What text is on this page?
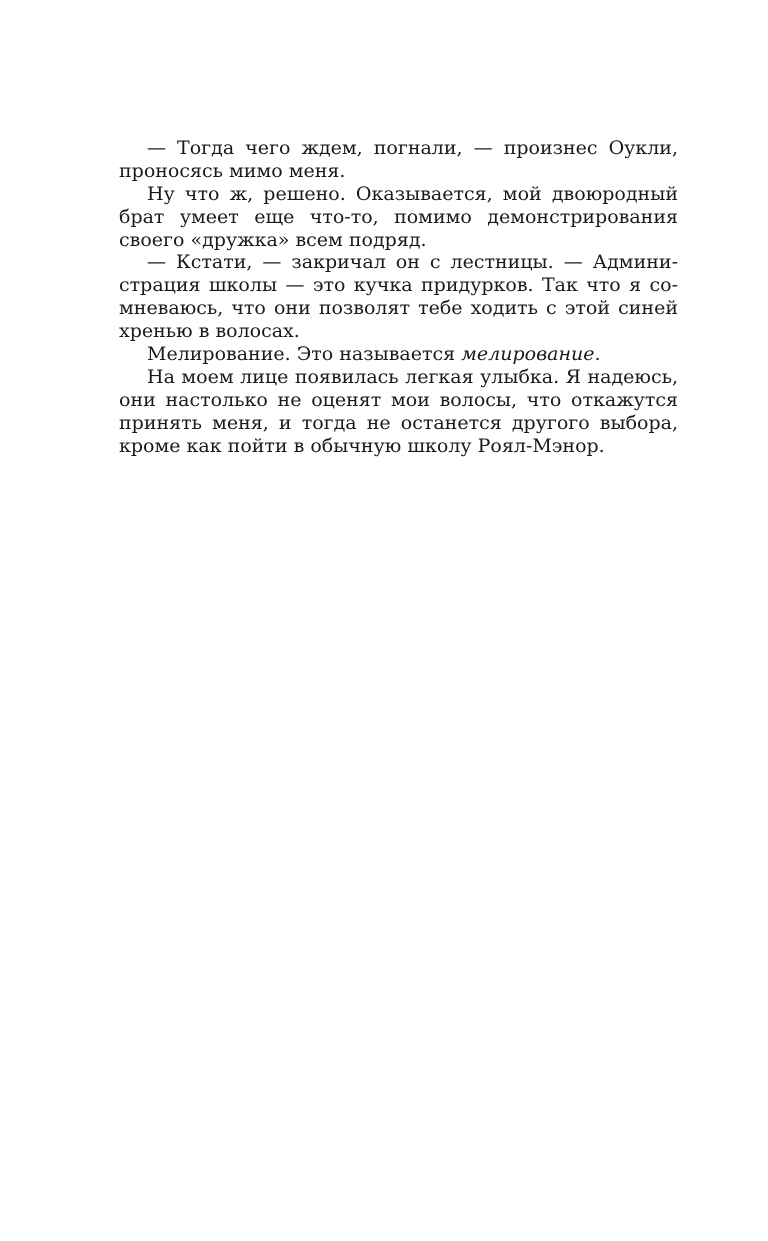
— Тогда чего ждем, погнали, — произнес Оукли,
проносясь мимо меня.
Ну что ж, решено. Оказывается, мой двоюродный
брат умеет еще что-то, помимо демонстрирования
своего «дружка» всем подряд.
— Кстати, — закричал он с лестницы. — Админи-
страция школы — это кучка придурков. Так что я со-
мневаюсь, что они позволят тебе ходить с этой синей
хренью в волосах.
Мелирование. Это называется мелирование.
На моем лице появилась легкая улыбка. Я надеюсь,
они настолько не оценят мои волосы, что откажутся
принять меня, и тогда не останется другого выбора,
кроме как пойти в обычную школу Роял-Мэнор.
